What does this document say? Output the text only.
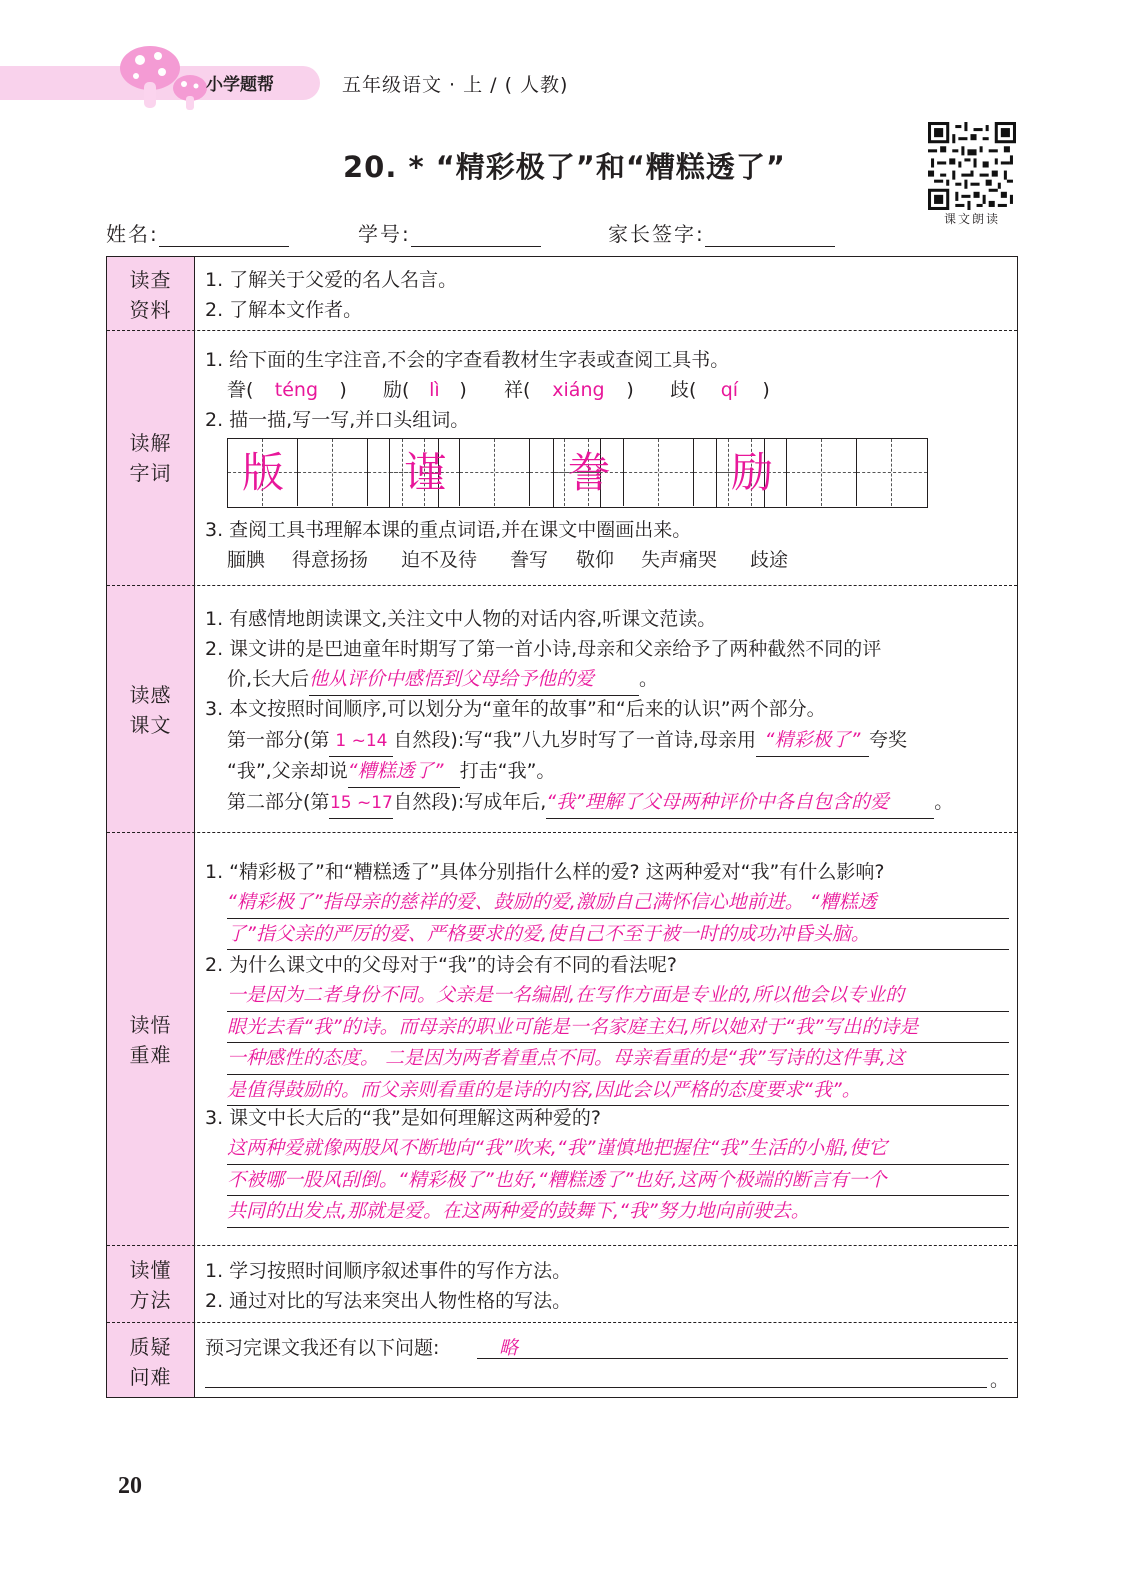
小学题帮	五年级语文 · 上 / ( 人教)
20. * “精彩极了”和“糟糕透了”
课文朗读
姓名:	学号:	家长签字:
读查
资料
1. 了解关于父爱的名人名言。
2. 了解本文作者。
读解
字词
1. 给下面的生字注音,不会的字查看教材生字表或查阅工具书。
誊( téng ) 励( lì ) 祥( xiáng ) 歧( qí )
2. 描一描,写一写,并口头组词。
版	谨	誊	励
3. 查阅工具书理解本课的重点词语,并在课文中圈画出来。
腼腆 得意扬扬 迫不及待 誊写 敬仰 失声痛哭 歧途
读感
课文
1. 有感情地朗读课文,关注文中人物的对话内容,听课文范读。
2. 课文讲的是巴迪童年时期写了第一首小诗,母亲和父亲给予了两种截然不同的评
价,长大后他从评价中感悟到父母给予他的爱 。
3. 本文按照时间顺序,可以划分为“童年的故事”和“后来的认识”两个部分。
第一部分(第 1 ~14 自然段):写“我”八九岁时写了一首诗,母亲用 “精彩极了” 夸奖
“我”,父亲却说“糟糕透了” 打击“我”。
第二部分(第15 ~17自然段):写成年后,“我”理解了父母两种评价中各自包含的爱 。
读悟
重难
1. “精彩极了”和“糟糕透了”具体分别指什么样的爱? 这两种爱对“我”有什么影响?
“精彩极了”指母亲的慈祥的爱、鼓励的爱,激励自己满怀信心地前进。 “糟糕透
了”指父亲的严厉的爱、严格要求的爱,使自己不至于被一时的成功冲昏头脑。
2. 为什么课文中的父母对于“我”的诗会有不同的看法呢?
一是因为二者身份不同。父亲是一名编剧,在写作方面是专业的,所以他会以专业的
眼光去看“我”的诗。而母亲的职业可能是一名家庭主妇,所以她对于“我”写出的诗是
一种感性的态度。 二是因为两者着重点不同。母亲看重的是“我”写诗的这件事,这
是值得鼓励的。而父亲则看重的是诗的内容,因此会以严格的态度要求“我”。
3. 课文中长大后的“我”是如何理解这两种爱的?
这两种爱就像两股风不断地向“我”吹来,“我”谨慎地把握住“我”生活的小船,使它
不被哪一股风刮倒。“精彩极了”也好,“糟糕透了”也好,这两个极端的断言有一个
共同的出发点,那就是爱。在这两种爱的鼓舞下,“我”努力地向前驶去。
读懂
方法
1. 学习按照时间顺序叙述事件的写作方法。
2. 通过对比的写法来突出人物性格的写法。
质疑
问难
预习完课文我还有以下问题:	略
。
20
